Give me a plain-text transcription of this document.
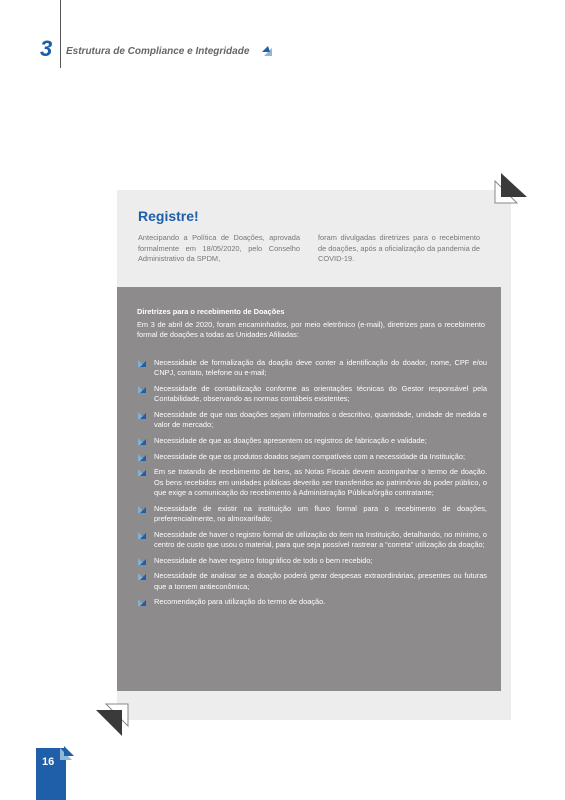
3 Estrutura de Compliance e Integridade
Registre!
Antecipando a Política de Doações, aprovada formalmente em 18/05/2020, pelo Conselho Administrativo da SPDM,
foram divulgadas diretrizes para o recebimento de doações, após a oficialização da pandemia de COVID-19.
Diretrizes para o recebimento de Doações
Em 3 de abril de 2020, foram encaminhados, por meio eletrônico (e-mail), diretrizes para o recebimento formal de doações a todas as Unidades Afiliadas:
Necessidade de formalização da doação deve conter a identificação do doador, nome, CPF e/ou CNPJ, contato, telefone ou e-mail;
Necessidade de contabilização conforme as orientações técnicas do Gestor responsável pela Contabilidade, observando as normas contábeis existentes;
Necessidade de que nas doações sejam informados o descritivo, quantidade, unidade de medida e valor de mercado;
Necessidade de que as doações apresentem os registros de fabricação e validade;
Necessidade de que os produtos doados sejam compatíveis com a necessidade da Instituição;
Em se tratando de recebimento de bens, as Notas Fiscais devem acompanhar o termo de doação. Os bens recebidos em unidades públicas deverão ser transferidos ao patrimônio do poder público, o que exige a comunicação do recebimento à Administração Pública/órgão contratante;
Necessidade de existir na instituição um fluxo formal para o recebimento de doações, preferencialmente, no almoxarifado;
Necessidade de haver o registro formal de utilização do item na Instituição, detalhando, no mínimo, o centro de custo que usou o material, para que seja possível rastrear a “correta” utilização da doação;
Necessidade de haver registro fotográfico de todo o bem recebido;
Necessidade de analisar se a doação poderá gerar despesas extraordinárias, presentes ou futuras que a tornem antieconômica;
Recomendação para utilização do termo de doação.
16
